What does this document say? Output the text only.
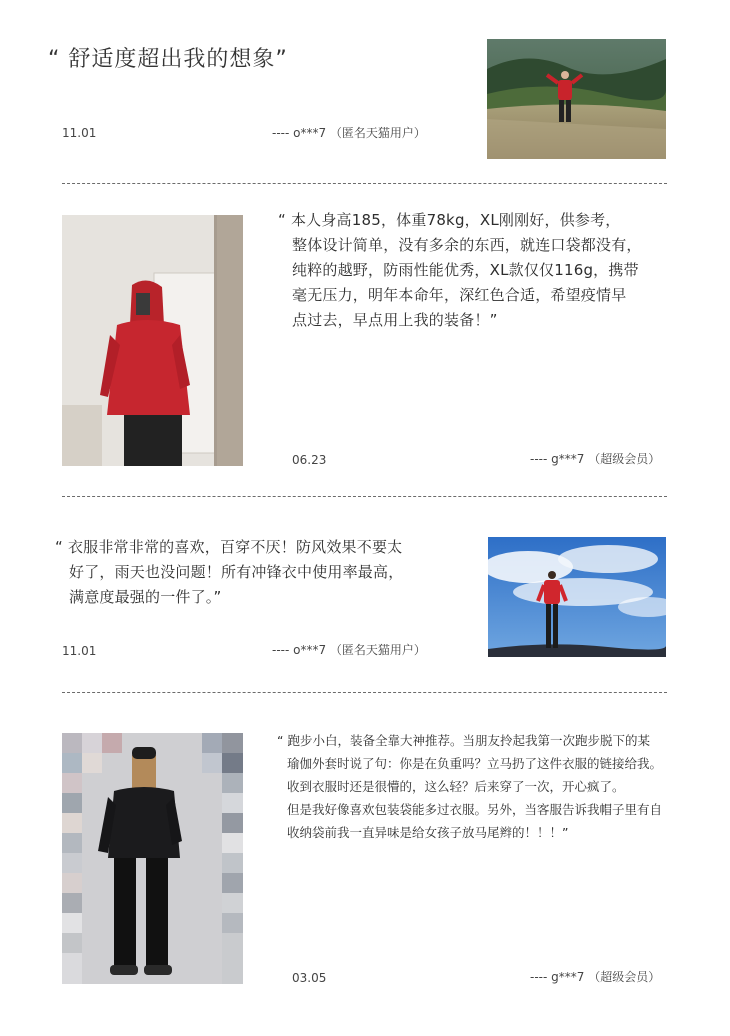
“ 舒适度超出我的想象”
11.01	---- o***7 （匿名天猫用户）

“ 本人身高185，体重78kg，XL刚刚好，供参考，

整体设计简单，没有多余的东西，就连口袋都没有，

纯粹的越野，防雨性能优秀，XL款仅仅116g，携带

毫无压力，明年本命年，深红色合适，希望疫情早

点过去，早点用上我的装备！”

06.23	---- g***7 （超级会员）

“ 衣服非常非常的喜欢，百穿不厌！防风效果不要太

好了，雨天也没问题！所有冲锋衣中使用率最高，

满意度最强的一件了。”

11.01	---- o***7 （匿名天猫用户）

“ 跑步小白，装备全靠大神推荐。当朋友拎起我第一次跑步脱下的某

瑜伽外套时说了句：你是在负重吗？立马扔了这件衣服的链接给我。

收到衣服时还是很懵的，这么轻？后来穿了一次，开心疯了。

但是我好像喜欢包装袋能多过衣服。另外，当客服告诉我帽子里有自

收纳袋前我一直异味是给女孩子放马尾辫的！！！”

03.05	---- g***7 （超级会员）
